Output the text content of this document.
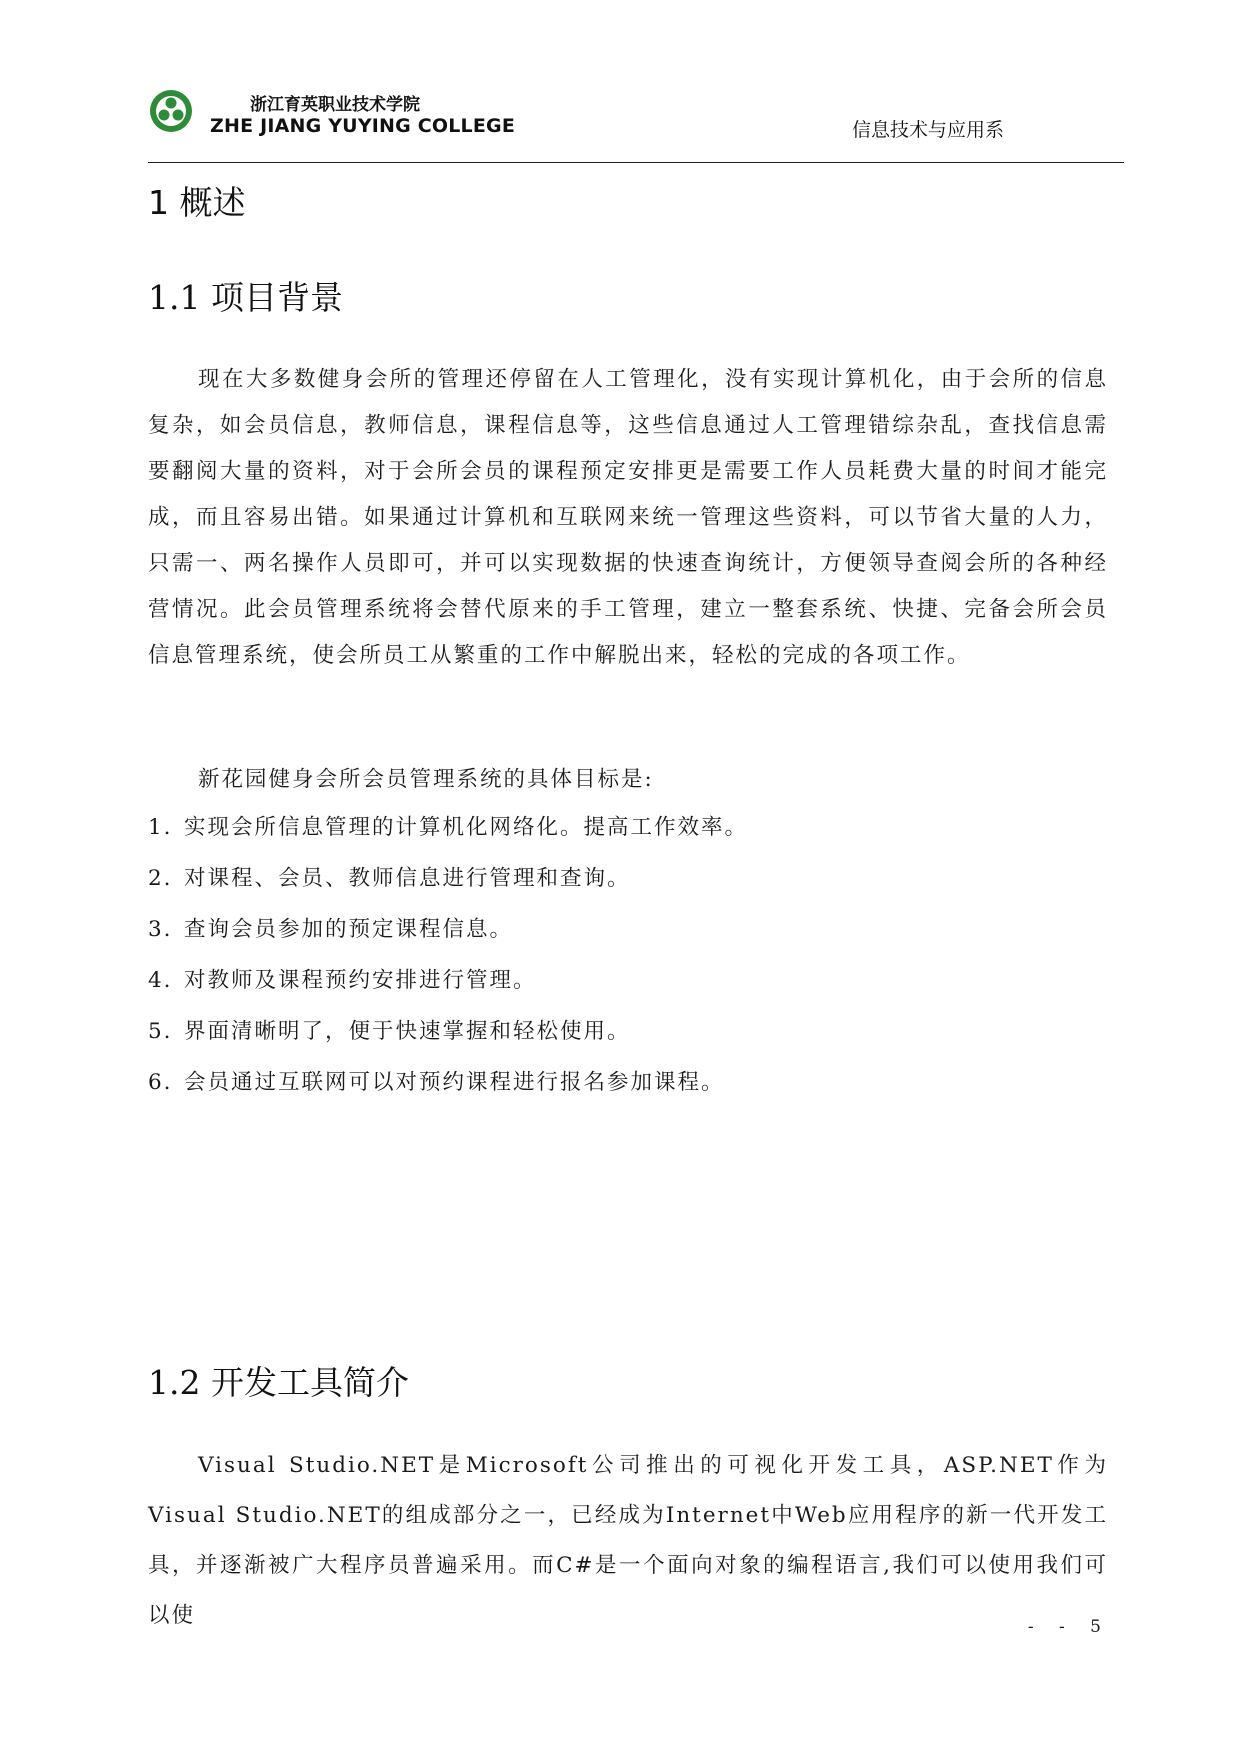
浙江育英职业技术学院
ZHE JIANG YUYING COLLEGE	信息技术与应用系
1 概述
1.1 项目背景

现在大多数健身会所的管理还停留在人工管理化，没有实现计算机化，由于会所的信息复杂，如会员信息，教师信息，课程信息等，这些信息通过人工管理错综杂乱，查找信息需要翻阅大量的资料，对于会所会员的课程预定安排更是需要工作人员耗费大量的时间才能完成，而且容易出错。如果通过计算机和互联网来统一管理这些资料，可以节省大量的人力，只需一、两名操作人员即可，并可以实现数据的快速查询统计，方便领导查阅会所的各种经营情况。此会员管理系统将会替代原来的手工管理，建立一整套系统、快捷、完备会所会员信息管理系统，使会所员工从繁重的工作中解脱出来，轻松的完成的各项工作。

新花园健身会所会员管理系统的具体目标是:
1. 实现会所信息管理的计算机化网络化。提高工作效率。
2. 对课程、会员、教师信息进行管理和查询。
3. 查询会员参加的预定课程信息。
4. 对教师及课程预约安排进行管理。
5. 界面清晰明了，便于快速掌握和轻松使用。
6. 会员通过互联网可以对预约课程进行报名参加课程。
1.2 开发工具简介

Visual Studio.NET是Microsoft公司推出的可视化开发工具，ASP.NET作为Visual Studio.NET的组成部分之一，已经成为Internet中Web应用程序的新一代开发工具，并逐渐被广大程序员普遍采用。而C#是一个面向对象的编程语言,我们可以使用我们可以使	- - 5
